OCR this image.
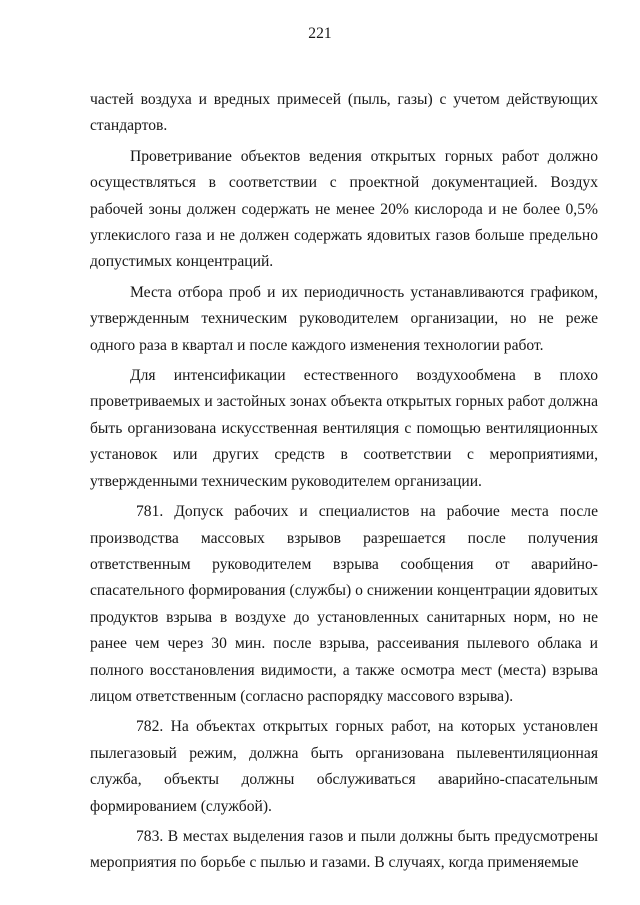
221

частей воздуха и вредных примесей (пыль, газы) с учетом действующих стандартов.

Проветривание объектов ведения открытых горных работ должно осуществляться в соответствии с проектной документацией. Воздух рабочей зоны должен содержать не менее 20% кислорода и не более 0,5% углекислого газа и не должен содержать ядовитых газов больше предельно допустимых концентраций.

Места отбора проб и их периодичность устанавливаются графиком, утвержденным техническим руководителем организации, но не реже одного раза в квартал и после каждого изменения технологии работ.

Для интенсификации естественного воздухообмена в плохо проветриваемых и застойных зонах объекта открытых горных работ должна быть организована искусственная вентиляция с помощью вентиляционных установок или других средств в соответствии с мероприятиями, утвержденными техническим руководителем организации.

781. Допуск рабочих и специалистов на рабочие места после производства массовых взрывов разрешается после получения ответственным руководителем взрыва сообщения от аварийно-спасательного формирования (службы) о снижении концентрации ядовитых продуктов взрыва в воздухе до установленных санитарных норм, но не ранее чем через 30 мин. после взрыва, рассеивания пылевого облака и полного восстановления видимости, а также осмотра мест (места) взрыва лицом ответственным (согласно распорядку массового взрыва).

782. На объектах открытых горных работ, на которых установлен пылегазовый режим, должна быть организована пылевентиляционная служба, объекты должны обслуживаться аварийно-спасательным формированием (службой).

783. В местах выделения газов и пыли должны быть предусмотрены мероприятия по борьбе с пылью и газами. В случаях, когда применяемые
